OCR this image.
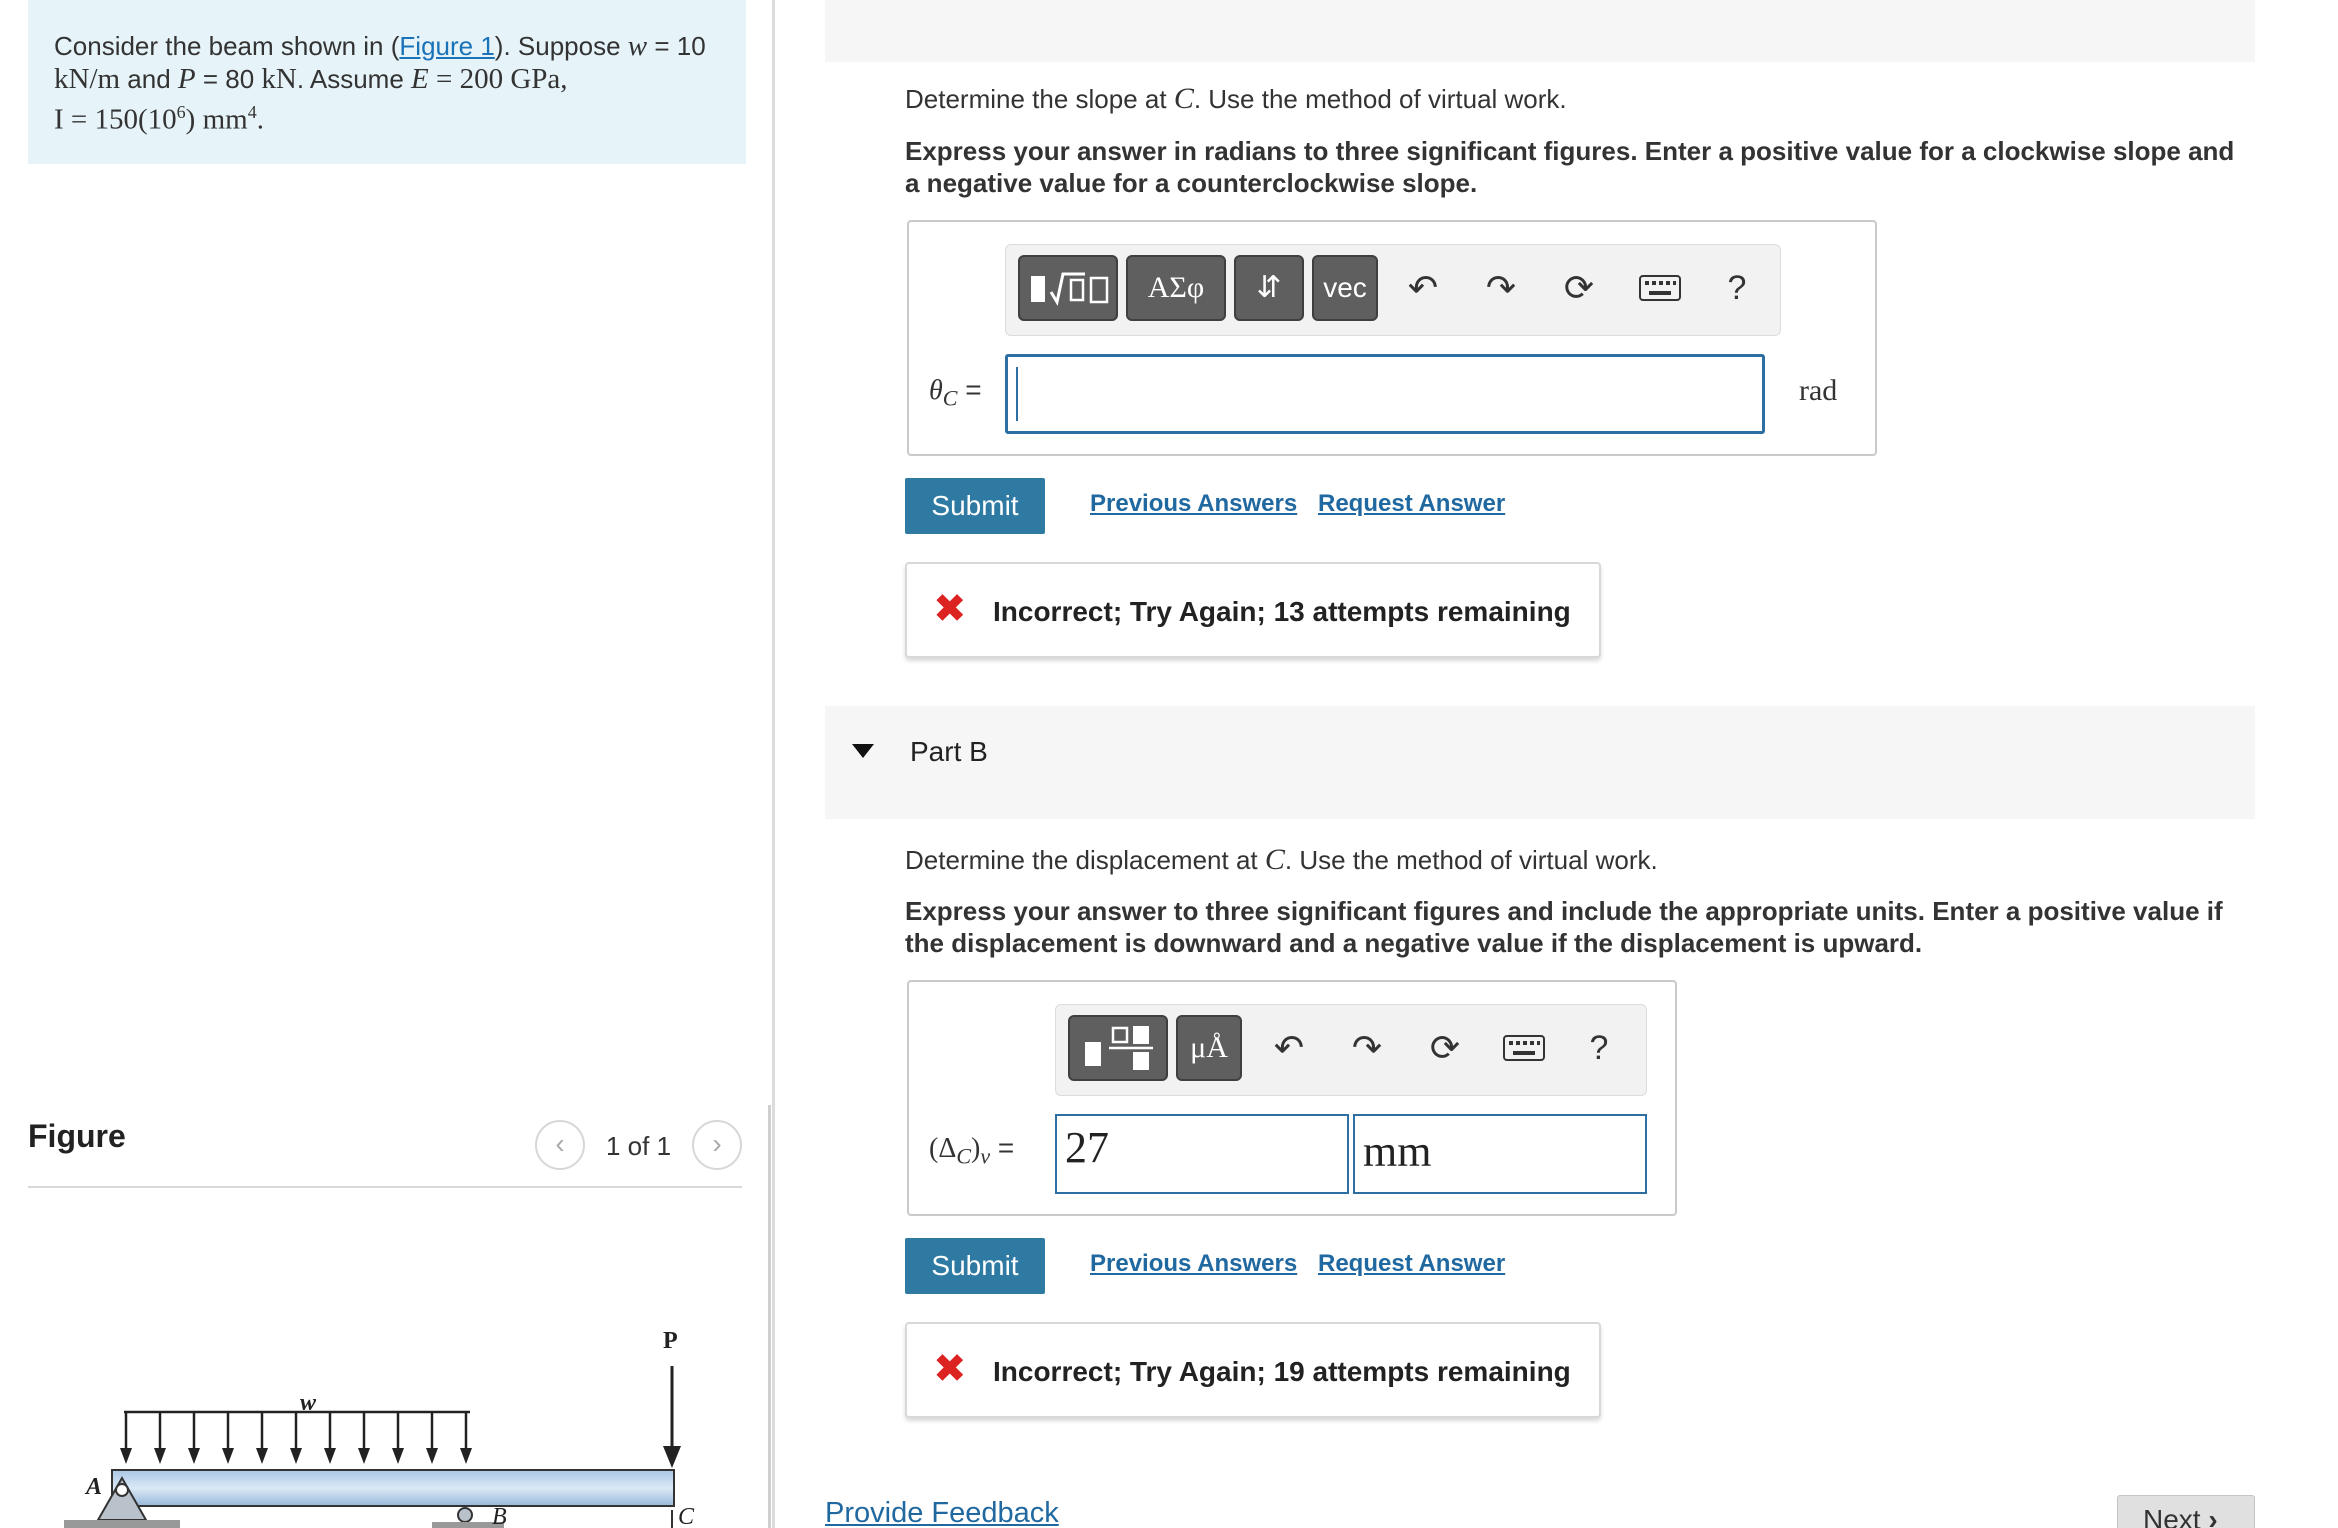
Consider the beam shown in (Figure 1). Suppose w = 10
kN/m and P = 80 kN. Assume E = 200 GPa,
$I = 150(10^6)$ $mm^4$.
Figure	‹	1 of 1	›
w
P
A
B	C
Determine the slope at C. Use the method of virtual work.
Express your answer in radians to three significant figures. Enter a positive value for a clockwise slope and a negative value for a counterclockwise slope.
ΑΣφ	⇵	vec	↶	↷	⟳	?
$\theta_C$ =	rad
Submit	Previous Answers Request Answer
✖ Incorrect; Try Again; 13 attempts remaining
Part B
Determine the displacement at C. Use the method of virtual work.
Express your answer to three significant figures and include the appropriate units. Enter a positive value if the displacement is downward and a negative value if the displacement is upward.
μÅ	↶	↷	⟳	?
$(\Delta_C)_v = 27$	mm
Submit	Previous Answers Request Answer
✖ Incorrect; Try Again; 19 attempts remaining
Provide Feedback	Next ›
